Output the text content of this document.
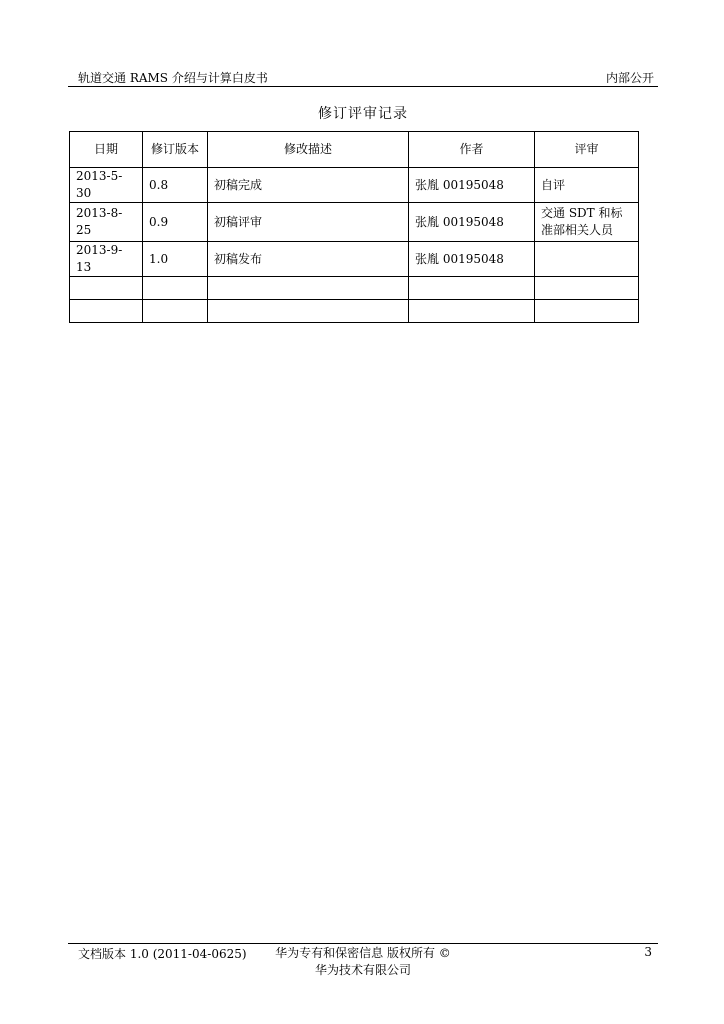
轨道交通 RAMS 介绍与计算白皮书	内部公开
修订评审记录
日期	修订版本	修改描述	作者	评审
2013-5-30	0.8	初稿完成	张胤 00195048	自评
2013-8-25	0.9	初稿评审	张胤 00195048	交通 SDT 和标准部相关人员
2013-9-13	1.0	初稿发布	张胤 00195048	

文档版本 1.0 (2011-04-0625)	华为专有和保密信息 版权所有 ©
华为技术有限公司
3
